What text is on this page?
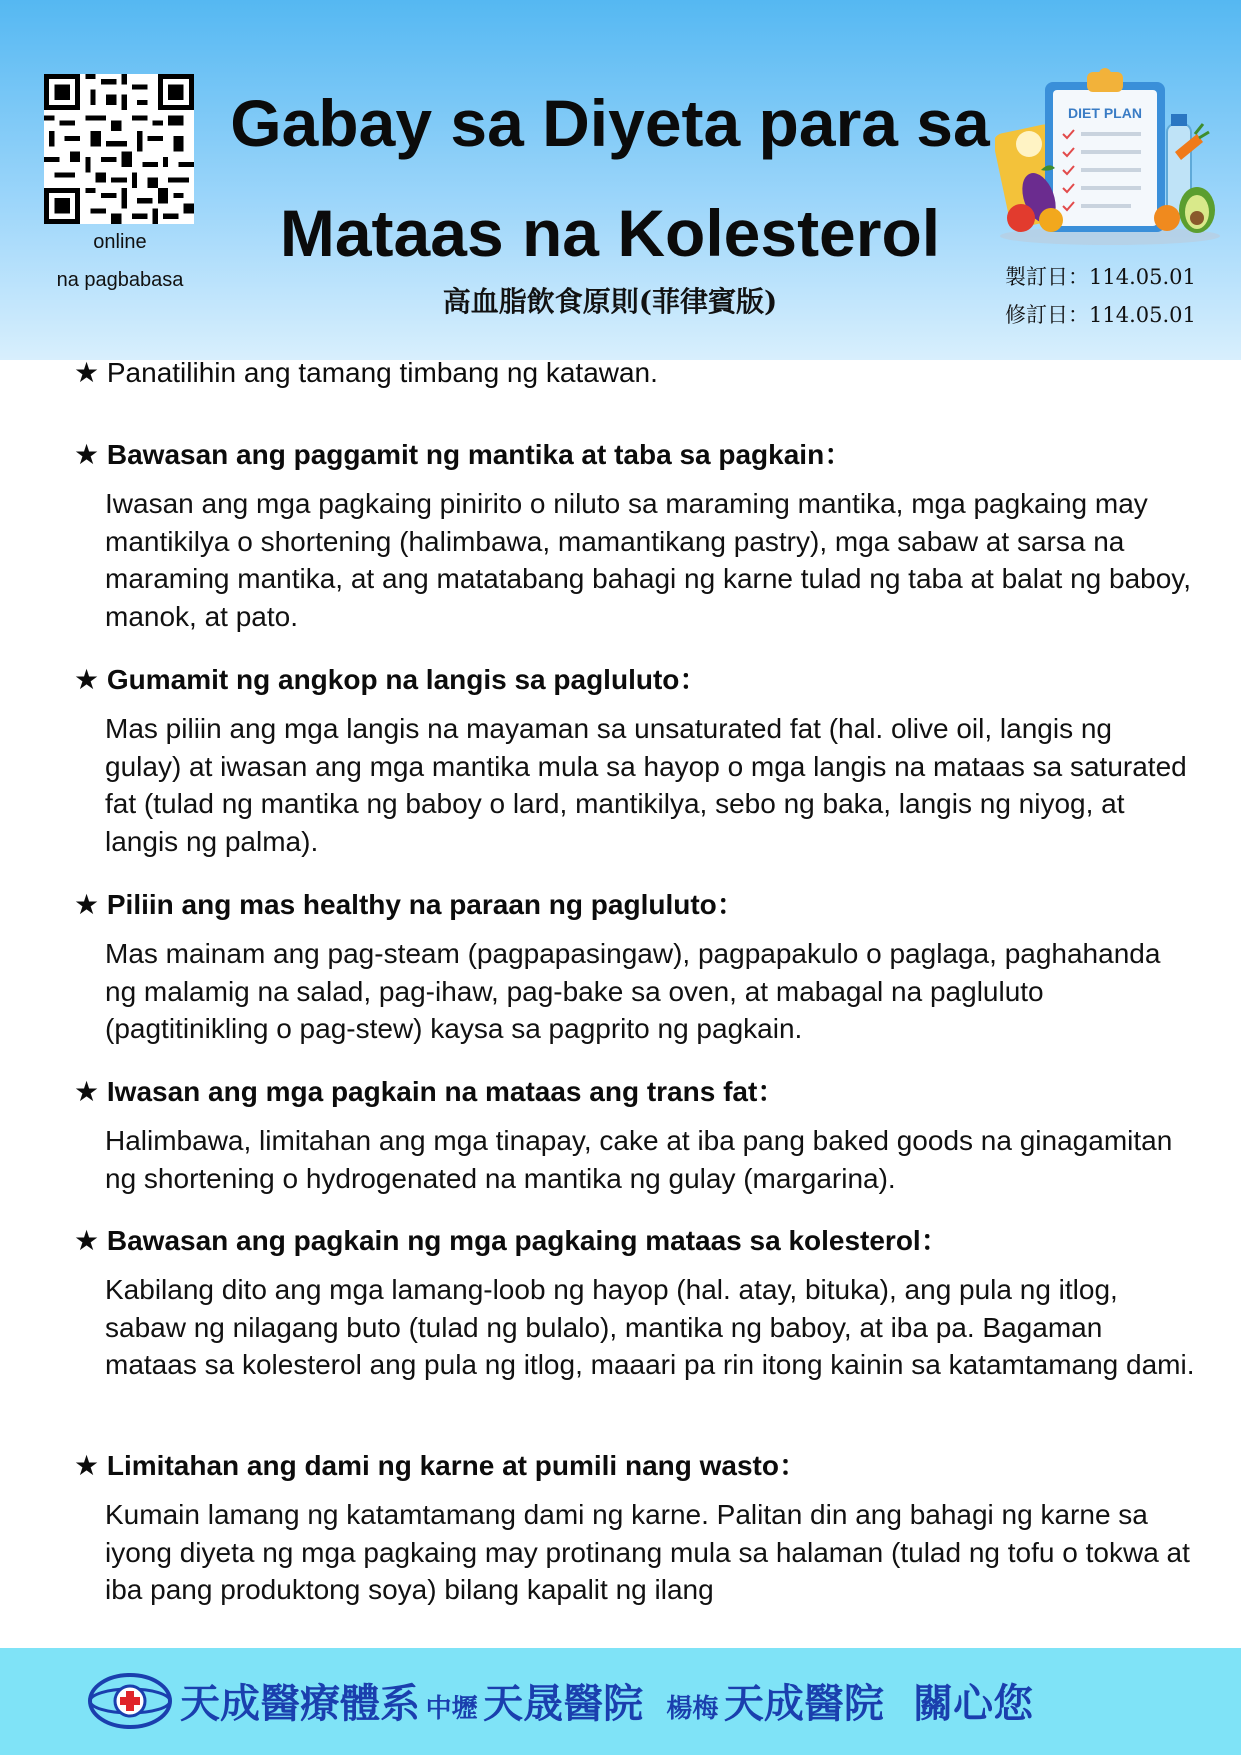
online
na pagbabasa
Gabay sa Diyeta para sa
Mataas na Kolesterol
高血脂飲食原則(菲律賓版)
DIET PLAN
製訂日：114.05.01
修訂日：114.05.01
★ Panatilihin ang tamang timbang ng katawan.
★ Bawasan ang paggamit ng mantika at taba sa pagkain：
Iwasan ang mga pagkaing pinirito o niluto sa maraming mantika, mga pagkaing may mantikilya o shortening (halimbawa, mamantikang pastry), mga sabaw at sarsa na maraming mantika, at ang matatabang bahagi ng karne tulad ng taba at balat ng baboy, manok, at pato.
★ Gumamit ng angkop na langis sa pagluluto：
Mas piliin ang mga langis na mayaman sa unsaturated fat (hal. olive oil, langis ng gulay) at iwasan ang mga mantika mula sa hayop o mga langis na mataas sa saturated fat (tulad ng mantika ng baboy o lard, mantikilya, sebo ng baka, langis ng niyog, at langis ng palma).
★ Piliin ang mas healthy na paraan ng pagluluto：
Mas mainam ang pag-steam (pagpapasingaw), pagpapakulo o paglaga, paghahanda ng malamig na salad, pag-ihaw, pag-bake sa oven, at mabagal na pagluluto (pagtitinikling o pag-stew) kaysa sa pagprito ng pagkain.
★ Iwasan ang mga pagkain na mataas ang trans fat：
Halimbawa, limitahan ang mga tinapay, cake at iba pang baked goods na ginagamitan ng shortening o hydrogenated na mantika ng gulay (margarina).
★ Bawasan ang pagkain ng mga pagkaing mataas sa kolesterol：
Kabilang dito ang mga lamang-loob ng hayop (hal. atay, bituka), ang pula ng itlog, sabaw ng nilagang buto (tulad ng bulalo), mantika ng baboy, at iba pa. Bagaman mataas sa kolesterol ang pula ng itlog, maaari pa rin itong kainin sa katamtamang dami.
★ Limitahan ang dami ng karne at pumili nang wasto：
Kumain lamang ng katamtamang dami ng karne. Palitan din ang bahagi ng karne sa iyong diyeta ng mga pagkaing may protinang mula sa halaman (tulad ng tofu o tokwa at iba pang produktong soya) bilang kapalit ng ilang
天成醫療體系 中壢 天晟醫院 楊梅 天成醫院 關心您
